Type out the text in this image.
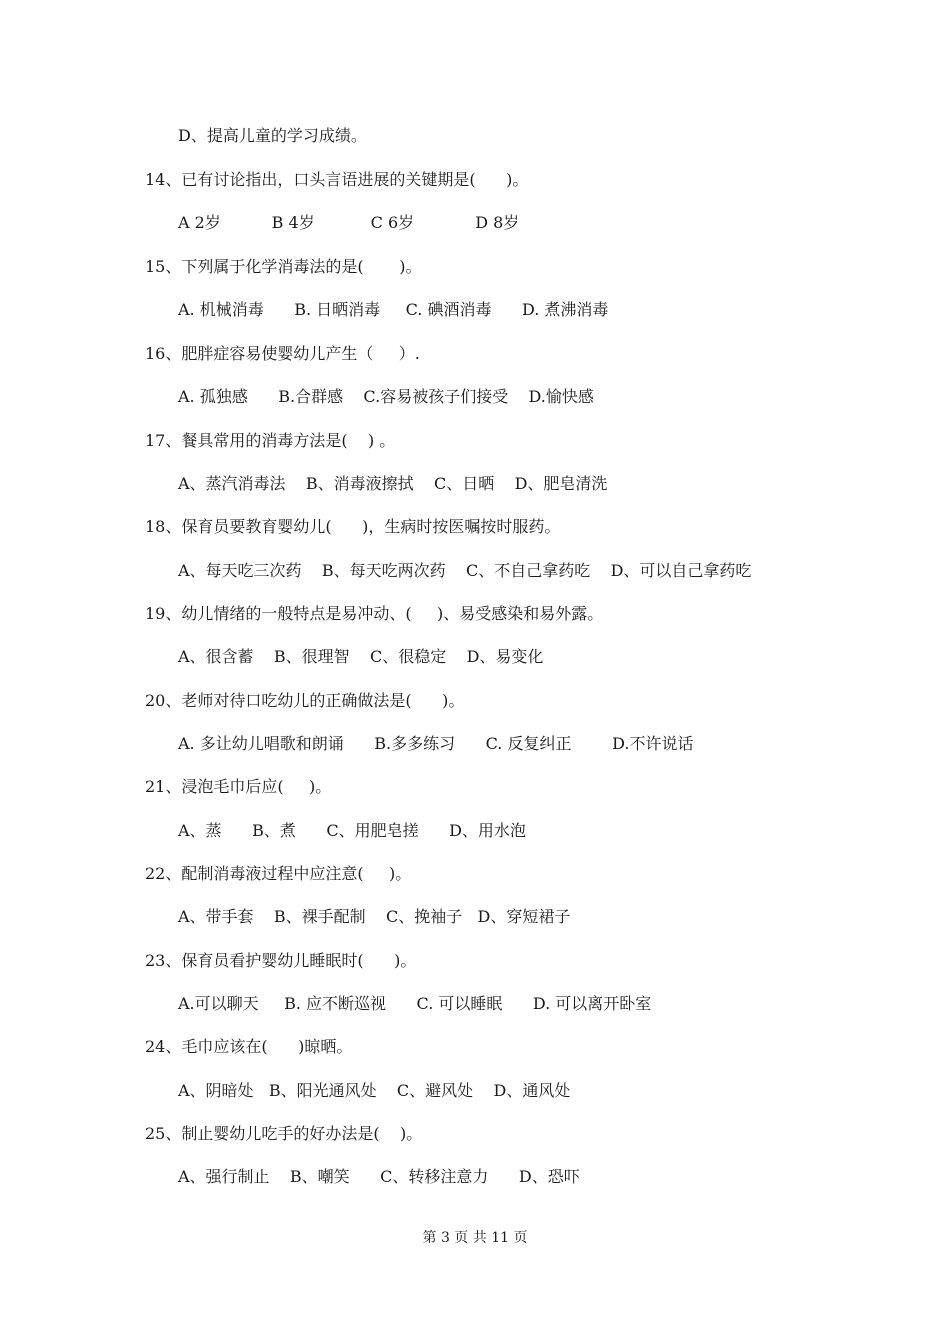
D、提高儿童的学习成绩。
14、已有讨论指出，口头言语进展的关键期是(      )。
A 2岁          B 4岁           C 6岁            D 8岁
15、下列属于化学消毒法的是(       )。
A. 机械消毒      B. 日晒消毒     C. 碘酒消毒      D. 煮沸消毒
16、肥胖症容易使婴幼儿产生（     ）.
A. 孤独感      B.合群感    C.容易被孩子们接受    D.愉快感
17、餐具常用的消毒方法是(    ) 。
A、蒸汽消毒法    B、消毒液擦拭    C、日晒    D、肥皂清洗
18、保育员要教育婴幼儿(      )，生病时按医嘱按时服药。
A、每天吃三次药    B、每天吃两次药    C、不自己拿药吃    D、可以自己拿药吃
19、幼儿情绪的一般特点是易冲动、(     )、易受感染和易外露。
A、很含蓄    B、很理智    C、很稳定    D、易变化
20、老师对待口吃幼儿的正确做法是(      )。
A. 多让幼儿唱歌和朗诵      B.多多练习      C. 反复纠正        D.不许说话
21、浸泡毛巾后应(     )。
A、蒸      B、煮      C、用肥皂搓      D、用水泡
22、配制消毒液过程中应注意(     )。
A、带手套    B、裸手配制    C、挽袖子   D、穿短裙子
23、保育员看护婴幼儿睡眠时(      )。
A.可以聊天     B. 应不断巡视      C. 可以睡眠      D. 可以离开卧室
24、毛巾应该在(      )晾晒。
A、阴暗处   B、阳光通风处    C、避风处    D、通风处
25、制止婴幼儿吃手的好办法是(    )。
A、强行制止    B、嘲笑      C、转移注意力      D、恐吓
第 3 页 共 11 页
